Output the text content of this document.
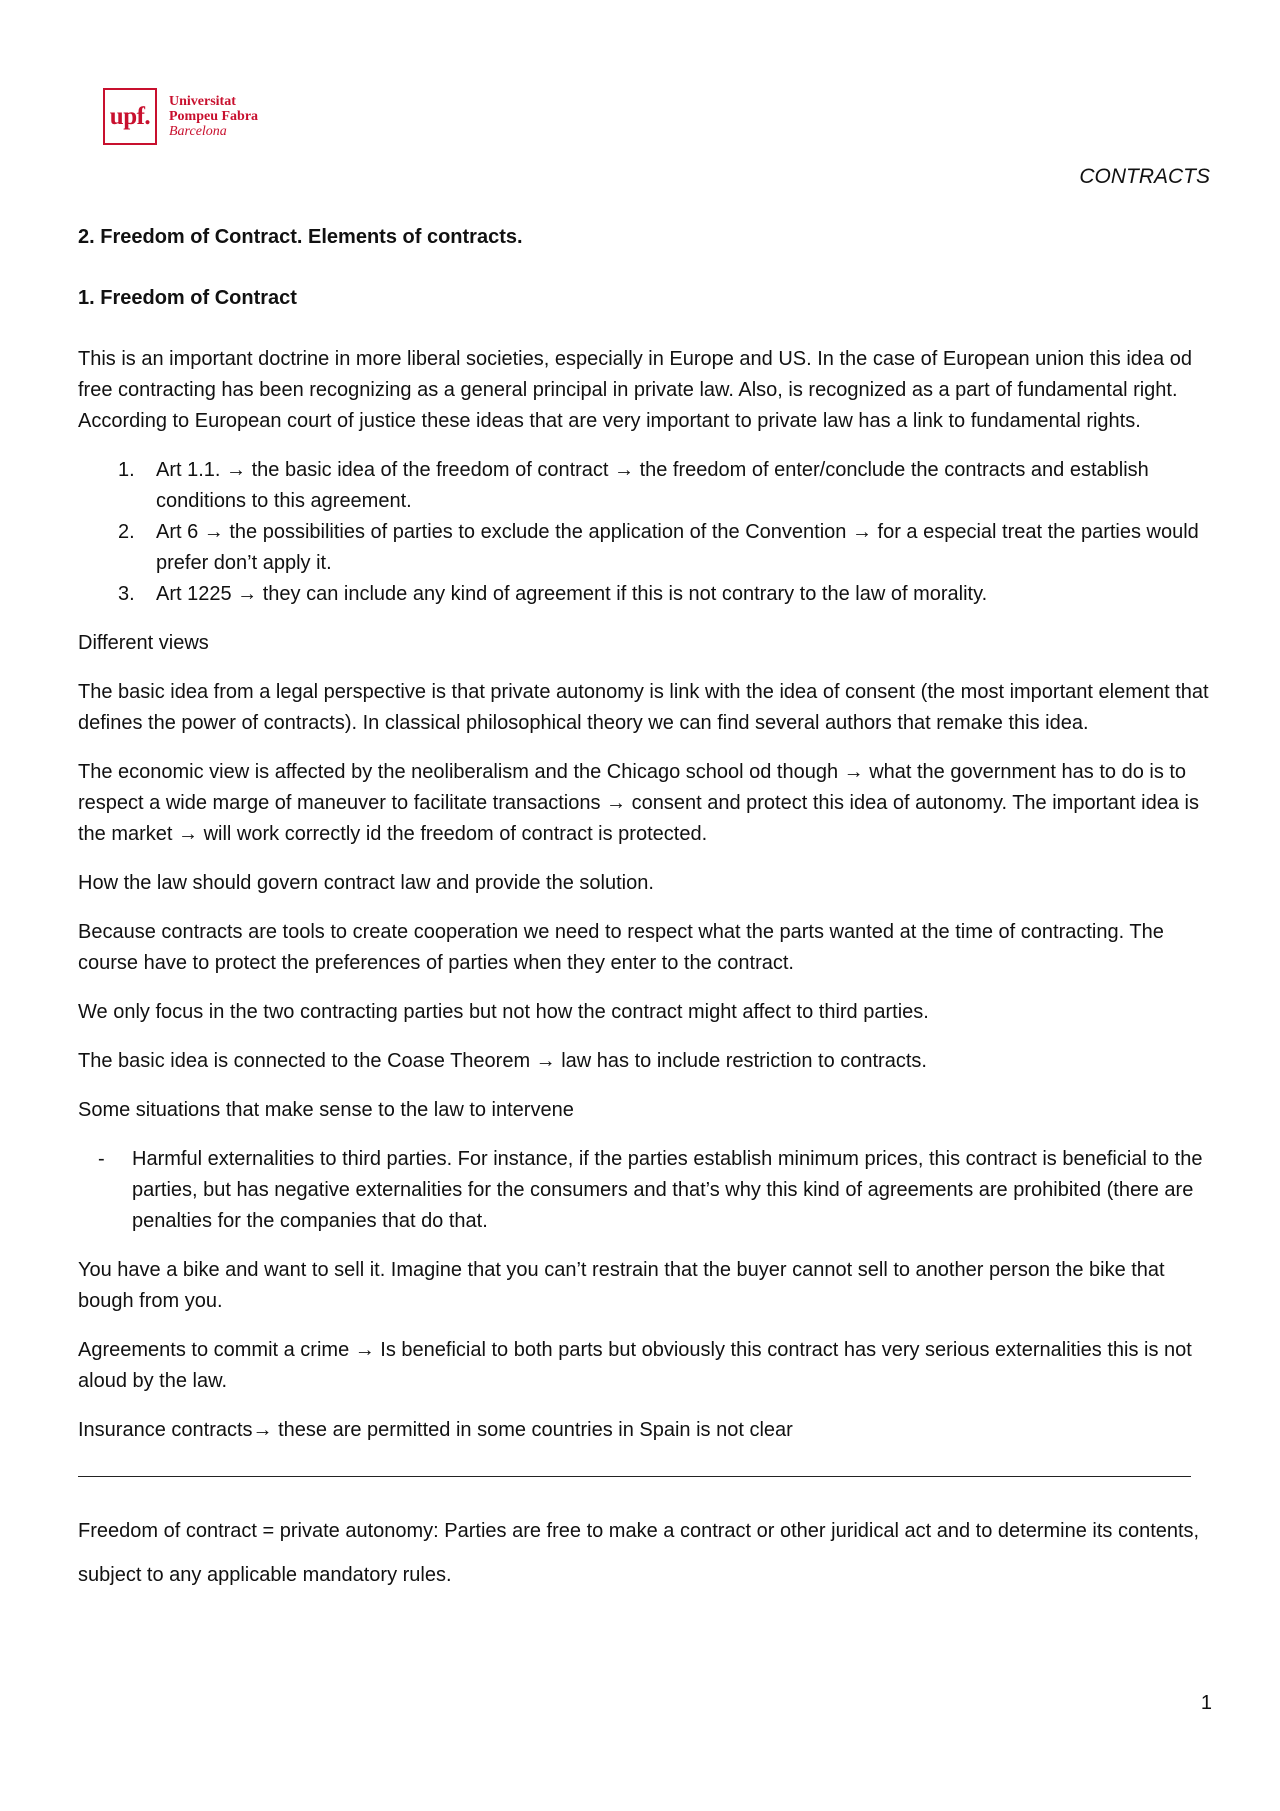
upf.
Universitat
Pompeu Fabra
Barcelona
CONTRACTS
2. Freedom of Contract. Elements of contracts.
1. Freedom of Contract

This is an important doctrine in more liberal societies, especially in Europe and US. In the case of European union this idea od free contracting has been recognizing as a general principal in private law. Also, is recognized as a part of fundamental right. According to European court of justice these ideas that are very important to private law has a link to fundamental rights.

1. Art 1.1. → the basic idea of the freedom of contract → the freedom of enter/conclude the contracts and establish conditions to this agreement.
2. Art 6 → the possibilities of parties to exclude the application of the Convention → for a especial treat the parties would prefer don’t apply it.
3. Art 1225 → they can include any kind of agreement if this is not contrary to the law of morality.

Different views

The basic idea from a legal perspective is that private autonomy is link with the idea of consent (the most important element that defines the power of contracts). In classical philosophical theory we can find several authors that remake this idea.

The economic view is affected by the neoliberalism and the Chicago school od though → what the government has to do is to respect a wide marge of maneuver to facilitate transactions → consent and protect this idea of autonomy. The important idea is the market → will work correctly id the freedom of contract is protected.

How the law should govern contract law and provide the solution.

Because contracts are tools to create cooperation we need to respect what the parts wanted at the time of contracting. The course have to protect the preferences of parties when they enter to the contract.

We only focus in the two contracting parties but not how the contract might affect to third parties.

The basic idea is connected to the Coase Theorem → law has to include restriction to contracts.

Some situations that make sense to the law to intervene

- Harmful externalities to third parties. For instance, if the parties establish minimum prices, this contract is beneficial to the parties, but has negative externalities for the consumers and that’s why this kind of agreements are prohibited (there are penalties for the companies that do that.

You have a bike and want to sell it. Imagine that you can’t restrain that the buyer cannot sell to another person the bike that bough from you.

Agreements to commit a crime → Is beneficial to both parts but obviously this contract has very serious externalities this is not aloud by the law.

Insurance contracts→ these are permitted in some countries in Spain is not clear

Freedom of contract = private autonomy: Parties are free to make a contract or other juridical act and to determine its contents, subject to any applicable mandatory rules.

1
